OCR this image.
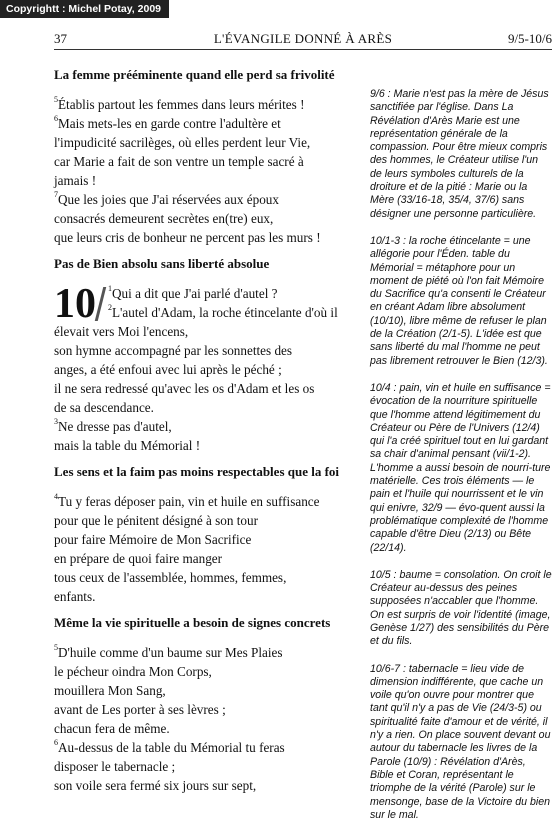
Copyrightt : Michel Potay, 2009
37	L'ÉVANGILE DONNÉ À ARÈS	9/5-10/6
La femme prééminente quand elle perd sa frivolité

$^5$Établis partout les femmes dans leurs mérites !
$^6$Mais mets-les en garde contre l'adultère et
l'impudicité sacrilèges, où elles perdent leur Vie,
car Marie a fait de son ventre un temple sacré à
jamais !
$^7$Que les joies que J'ai réservées aux époux
consacrés demeurent secrètes en(tre) eux,
que leurs cris de bonheur ne percent pas les murs !

Pas de Bien absolu sans liberté absolue

10	$^1$Qui a dit que J'ai parlé d'autel ?
$^2$L'autel d'Adam, la roche étincelante d'où il
élevait vers Moi l'encens,
son hymne accompagné par les sonnettes des
anges, a été enfoui avec lui après le péché ;
il ne sera redressé qu'avec les os d'Adam et les os
de sa descendance.
$^3$Ne dresse pas d'autel,
mais la table du Mémorial !

Les sens et la faim pas moins respectables que la foi

$^4$Tu y feras déposer pain, vin et huile en suffisance
pour que le pénitent désigné à son tour
pour faire Mémoire de Mon Sacrifice
en prépare de quoi faire manger
tous ceux de l'assemblée, hommes, femmes,
enfants.

Même la vie spirituelle a besoin de signes concrets

$^5$D'huile comme d'un baume sur Mes Plaies
le pécheur oindra Mon Corps,
mouillera Mon Sang,
avant de Les porter à ses lèvres ;
chacun fera de même.
$^6$Au-dessus de la table du Mémorial tu feras
disposer le tabernacle ;
son voile sera fermé six jours sur sept,

9/6 : Marie n'est pas la mère de Jésus sanctifiée par l'église. Dans La Révélation d'Arès Marie est une représentation générale de la compassion. Pour être mieux compris des hommes, le Créateur utilise l'un de leurs symboles culturels de la droiture et de la pitié : Marie ou la Mère (33/16-18, 35/4, 37/6) sans désigner une personne particulière.

10/1-3 : la roche étincelante = une allégorie pour l'Éden. table du Mémorial = métaphore pour un moment de piété où l'on fait Mémoire du Sacrifice qu'a consenti le Créateur en créant Adam libre absolument (10/10), libre même de refuser le plan de la Création (2/1-5). L'idée est que sans liberté du mal l'homme ne peut pas librement retrouver le Bien (12/3).

10/4 : pain, vin et huile en suffisance = évocation de la nourriture spirituelle que l'homme attend légitimement du Créateur ou Père de l'Univers (12/4) qui l'a créé spirituel tout en lui gardant sa chair d'animal pensant (vii/1-2). L'homme a aussi besoin de nourri-ture matérielle. Ces trois éléments — le pain et l'huile qui nourrissent et le vin qui enivre, 32/9 — évo-quent aussi la problématique complexité de l'homme capable d'être Dieu (2/13) ou Bête (22/14).

10/5 : baume = consolation. On croit le Créateur au-dessus des peines supposées n'accabler que l'homme. On est surpris de voir l'identité (image, Genèse 1/27) des sensibilités du Père et du fils.

10/6-7 : tabernacle = lieu vide de dimension indifférente, que cache un voile qu'on ouvre pour montrer que tant qu'il n'y a pas de Vie (24/3-5) ou spiritualité faite d'amour et de vérité, il n'y a rien. On place souvent devant ou autour du tabernacle les livres de la Parole (10/9) : Révélation d'Arès, Bible et Coran, représentant le triomphe de la vérité (Parole) sur le mensonge, base de la Victoire du bien sur le mal.
